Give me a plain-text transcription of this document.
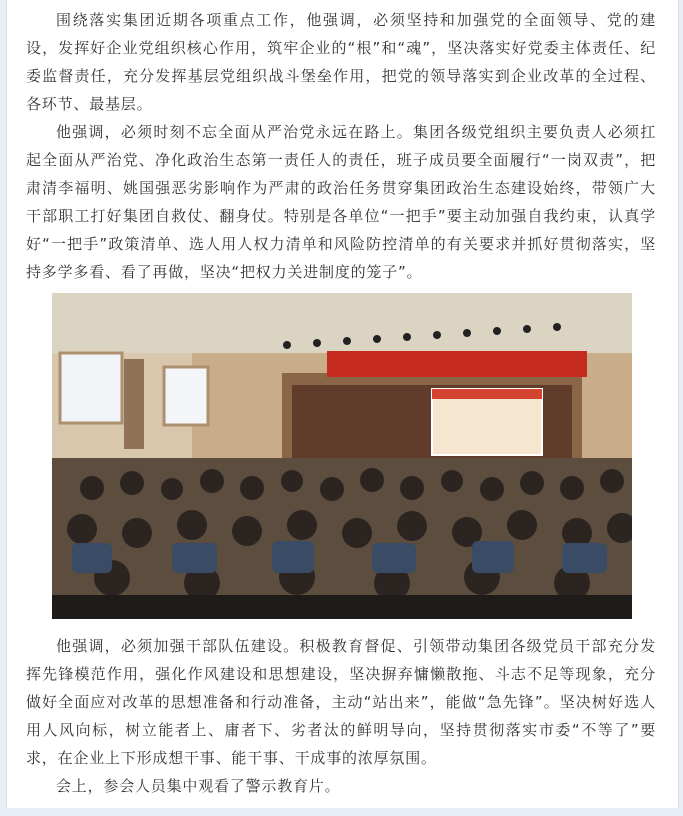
围绕落实集团近期各项重点工作，他强调，必须坚持和加强党的全面领导、党的建设，发挥好企业党组织核心作用，筑牢企业的“根”和“魂”，坚决落实好党委主体责任、纪委监督责任，充分发挥基层党组织战斗堡垒作用，把党的领导落实到企业改革的全过程、各环节、最基层。

他强调，必须时刻不忘全面从严治党永远在路上。集团各级党组织主要负责人必须扛起全面从严治党、净化政治生态第一责任人的责任，班子成员要全面履行“一岗双责”，把肃清李福明、姚国强恶劣影响作为严肃的政治任务贯穿集团政治生态建设始终，带领广大干部职工打好集团自救仗、翻身仗。特别是各单位“一把手”要主动加强自我约束，认真学好“一把手”政策清单、选人用人权力清单和风险防控清单的有关要求并抓好贯彻落实，坚持多学多看、看了再做，坚决“把权力关进制度的笼子”。

他强调，必须加强干部队伍建设。积极教育督促、引领带动集团各级党员干部充分发挥先锋模范作用，强化作风建设和思想建设，坚决摒弃慵懒散拖、斗志不足等现象，充分做好全面应对改革的思想准备和行动准备，主动“站出来”，能做“急先锋”。坚决树好选人用人风向标，树立能者上、庸者下、劣者汰的鲜明导向，坚持贯彻落实市委“不等了”要求，在企业上下形成想干事、能干事、干成事的浓厚氛围。

会上，参会人员集中观看了警示教育片。
